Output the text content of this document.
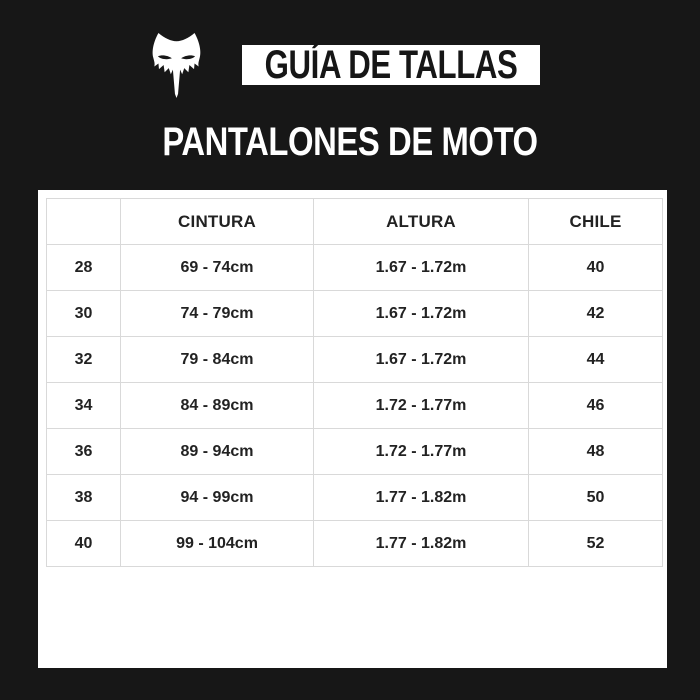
GUÍA DE TALLAS
PANTALONES DE MOTO
	CINTURA	ALTURA	CHILE
28	69 - 74cm	1.67 - 1.72m	40
30	74 - 79cm	1.67 - 1.72m	42
32	79 - 84cm	1.67 - 1.72m	44
34	84 - 89cm	1.72 - 1.77m	46
36	89 - 94cm	1.72 - 1.77m	48
38	94 - 99cm	1.77 - 1.82m	50
40	99 - 104cm	1.77 - 1.82m	52
